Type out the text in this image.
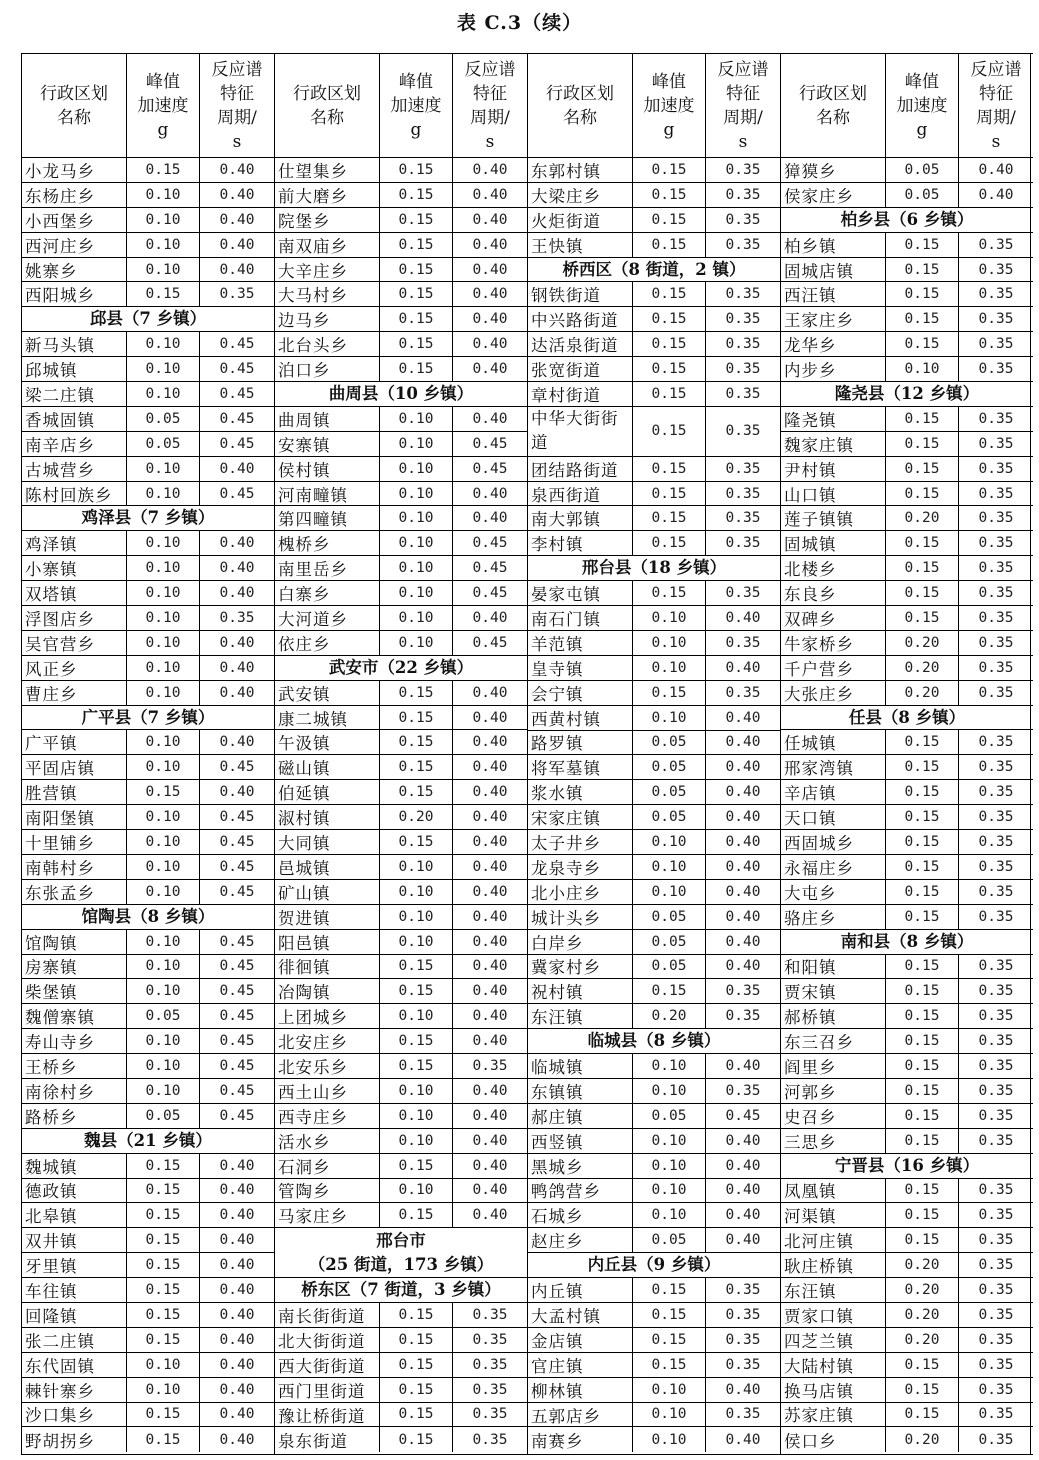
表 C.3（续）
行政区划
名称
峰值
加速度
g
反应谱
特征
周期/
s
小龙马乡	0.15	0.40
东杨庄乡	0.10	0.40
小西堡乡	0.10	0.40
西河庄乡	0.10	0.40
姚寨乡	0.10	0.40
西阳城乡	0.15	0.35
邱县（7 乡镇）
新马头镇	0.10	0.45
邱城镇	0.10	0.45
梁二庄镇	0.10	0.45
香城固镇	0.05	0.45
南辛店乡	0.05	0.45
古城营乡	0.10	0.40
陈村回族乡	0.10	0.45
鸡泽县（7 乡镇）
鸡泽镇	0.10	0.40
小寨镇	0.10	0.40
双塔镇	0.10	0.40
浮图店乡	0.10	0.35
吴官营乡	0.10	0.40
风正乡	0.10	0.40
曹庄乡	0.10	0.40
广平县（7 乡镇）
广平镇	0.10	0.40
平固店镇	0.10	0.45
胜营镇	0.15	0.40
南阳堡镇	0.10	0.45
十里铺乡	0.10	0.45
南韩村乡	0.10	0.45
东张孟乡	0.10	0.45
馆陶县（8 乡镇）
馆陶镇	0.10	0.45
房寨镇	0.10	0.45
柴堡镇	0.10	0.45
魏僧寨镇	0.05	0.45
寿山寺乡	0.10	0.45
王桥乡	0.10	0.45
南徐村乡	0.10	0.45
路桥乡	0.05	0.45
魏县（21 乡镇）
魏城镇	0.15	0.40
德政镇	0.15	0.40
北皋镇	0.15	0.40
双井镇	0.15	0.40
牙里镇	0.15	0.40
车往镇	0.15	0.40
回隆镇	0.15	0.40
张二庄镇	0.15	0.40
东代固镇	0.10	0.40
棘针寨乡	0.10	0.40
沙口集乡	0.15	0.40
野胡拐乡	0.15	0.40
行政区划
名称
峰值
加速度
g
反应谱
特征
周期/
s
仕望集乡	0.15	0.40
前大磨乡	0.15	0.40
院堡乡	0.15	0.40
南双庙乡	0.15	0.40
大辛庄乡	0.15	0.40
大马村乡	0.15	0.40
边马乡	0.15	0.40
北台头乡	0.15	0.40
泊口乡	0.15	0.40
曲周县（10 乡镇）
曲周镇	0.10	0.40
安寨镇	0.10	0.45
侯村镇	0.10	0.45
河南疃镇	0.10	0.40
第四疃镇	0.10	0.40
槐桥乡	0.10	0.45
南里岳乡	0.10	0.45
白寨乡	0.10	0.45
大河道乡	0.10	0.40
依庄乡	0.10	0.45
武安市（22 乡镇）
武安镇	0.15	0.40
康二城镇	0.15	0.40
午汲镇	0.15	0.40
磁山镇	0.15	0.40
伯延镇	0.15	0.40
淑村镇	0.20	0.40
大同镇	0.15	0.40
邑城镇	0.10	0.40
矿山镇	0.10	0.40
贺进镇	0.10	0.40
阳邑镇	0.10	0.40
徘徊镇	0.15	0.40
冶陶镇	0.15	0.40
上团城乡	0.10	0.40
北安庄乡	0.15	0.40
北安乐乡	0.15	0.35
西土山乡	0.10	0.40
西寺庄乡	0.10	0.40
活水乡	0.10	0.40
石洞乡	0.15	0.40
管陶乡	0.10	0.40
马家庄乡	0.15	0.40
邢台市
（25 街道，173 乡镇）
桥东区（7 街道，3 乡镇）
南长街街道	0.15	0.35
北大街街道	0.15	0.35
西大街街道	0.15	0.35
西门里街道	0.15	0.35
豫让桥街道	0.15	0.35
泉东街道	0.15	0.35
行政区划
名称
峰值
加速度
g
反应谱
特征
周期/
s
东郭村镇	0.15	0.35
大梁庄乡	0.15	0.35
火炬街道	0.15	0.35
王快镇	0.15	0.35
桥西区（8 街道，2 镇）
钢铁街道	0.15	0.35
中兴路街道	0.15	0.35
达活泉街道	0.15	0.35
张宽街道	0.15	0.35
章村街道	0.15	0.35
中华大街街道
0.15	0.35
团结路街道	0.15	0.35
泉西街道	0.15	0.35
南大郭镇	0.15	0.35
李村镇	0.15	0.35
邢台县（18 乡镇）
晏家屯镇	0.15	0.35
南石门镇	0.10	0.40
羊范镇	0.10	0.35
皇寺镇	0.10	0.40
会宁镇	0.15	0.35
西黄村镇	0.10	0.40
路罗镇	0.05	0.40
将军墓镇	0.05	0.40
浆水镇	0.05	0.40
宋家庄镇	0.05	0.40
太子井乡	0.10	0.40
龙泉寺乡	0.10	0.40
北小庄乡	0.10	0.40
城计头乡	0.05	0.40
白岸乡	0.05	0.40
冀家村乡	0.05	0.40
祝村镇	0.15	0.35
东汪镇	0.20	0.35
临城县（8 乡镇）
临城镇	0.10	0.40
东镇镇	0.10	0.35
郝庄镇	0.05	0.45
西竖镇	0.10	0.40
黑城乡	0.10	0.40
鸭鸽营乡	0.10	0.40
石城乡	0.10	0.40
赵庄乡	0.05	0.40
内丘县（9 乡镇）
内丘镇	0.15	0.35
大孟村镇	0.15	0.35
金店镇	0.15	0.35
官庄镇	0.15	0.35
柳林镇	0.10	0.40
五郭店乡	0.10	0.35
南赛乡	0.10	0.40
行政区划
名称
峰值
加速度
g
反应谱
特征
周期/
s
獐獏乡	0.05	0.40
侯家庄乡	0.05	0.40
柏乡县（6 乡镇）
柏乡镇	0.15	0.35
固城店镇	0.15	0.35
西汪镇	0.15	0.35
王家庄乡	0.15	0.35
龙华乡	0.15	0.35
内步乡	0.10	0.35
隆尧县（12 乡镇）
隆尧镇	0.15	0.35
魏家庄镇	0.15	0.35
尹村镇	0.15	0.35
山口镇	0.15	0.35
莲子镇镇	0.20	0.35
固城镇	0.15	0.35
北楼乡	0.15	0.35
东良乡	0.15	0.35
双碑乡	0.15	0.35
牛家桥乡	0.20	0.35
千户营乡	0.20	0.35
大张庄乡	0.20	0.35
任县（8 乡镇）
任城镇	0.15	0.35
邢家湾镇	0.15	0.35
辛店镇	0.15	0.35
天口镇	0.15	0.35
西固城乡	0.15	0.35
永福庄乡	0.15	0.35
大屯乡	0.15	0.35
骆庄乡	0.15	0.35
南和县（8 乡镇）
和阳镇	0.15	0.35
贾宋镇	0.15	0.35
郝桥镇	0.15	0.35
东三召乡	0.15	0.35
阎里乡	0.15	0.35
河郭乡	0.15	0.35
史召乡	0.15	0.35
三思乡	0.15	0.35
宁晋县（16 乡镇）
凤凰镇	0.15	0.35
河渠镇	0.15	0.35
北河庄镇	0.15	0.35
耿庄桥镇	0.20	0.35
东汪镇	0.20	0.35
贾家口镇	0.20	0.35
四芝兰镇	0.20	0.35
大陆村镇	0.15	0.35
换马店镇	0.15	0.35
苏家庄镇	0.15	0.35
侯口乡	0.20	0.35
